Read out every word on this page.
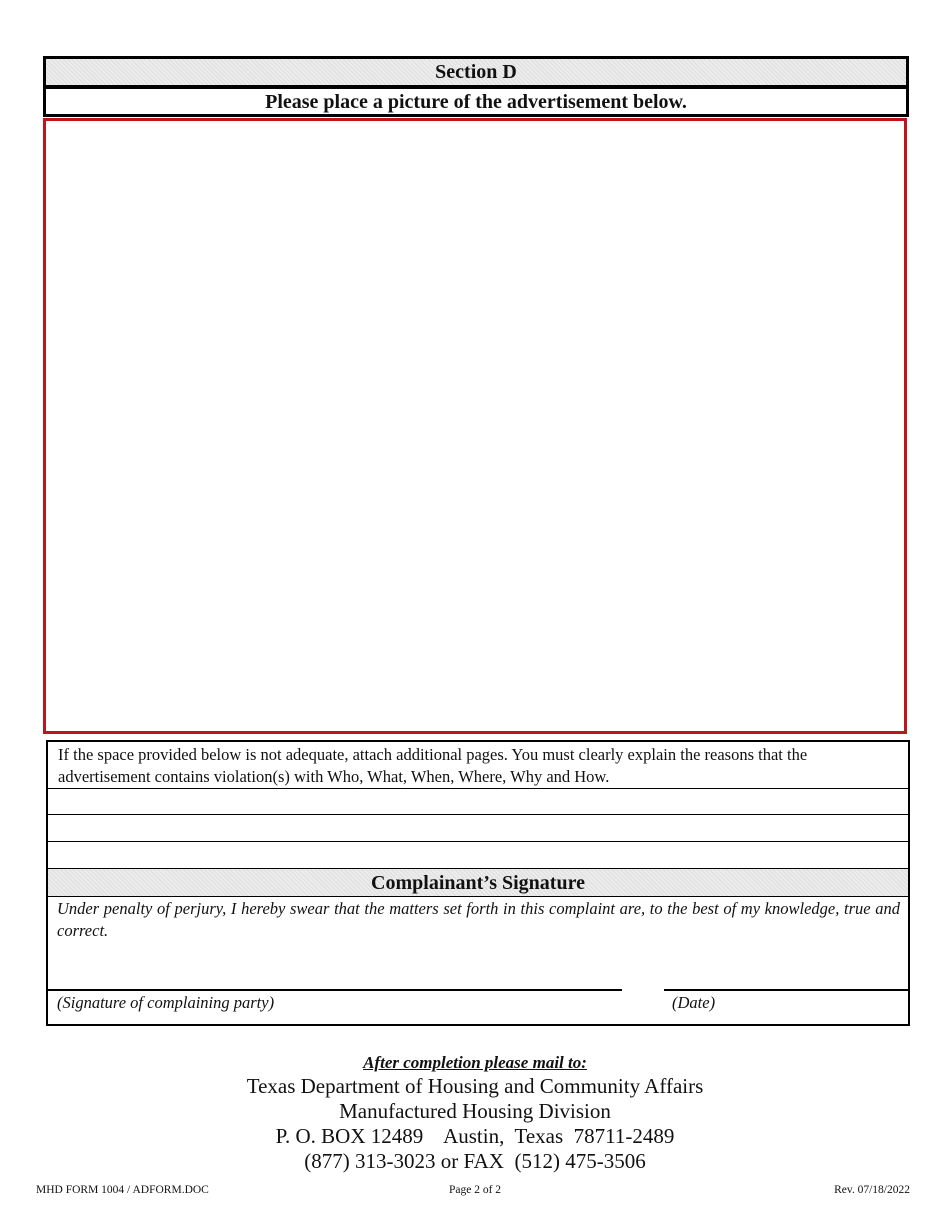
Section D
Please place a picture of the advertisement below.
If the space provided below is not adequate, attach additional pages. You must clearly explain the reasons that the advertisement contains violation(s) with Who, What, When, Where, Why and How.
Complainant’s Signature
Under penalty of perjury, I hereby swear that the matters set forth in this complaint are, to the best of my knowledge, true and correct.
(Signature of complaining party)	(Date)
After completion please mail to:
Texas Department of Housing and Community Affairs
Manufactured Housing Division
P. O. BOX 12489    Austin,  Texas  78711-2489
(877) 313-3023 or FAX  (512) 475-3506
MHD FORM 1004 / ADFORM.DOC	Page 2 of 2	Rev. 07/18/2022
